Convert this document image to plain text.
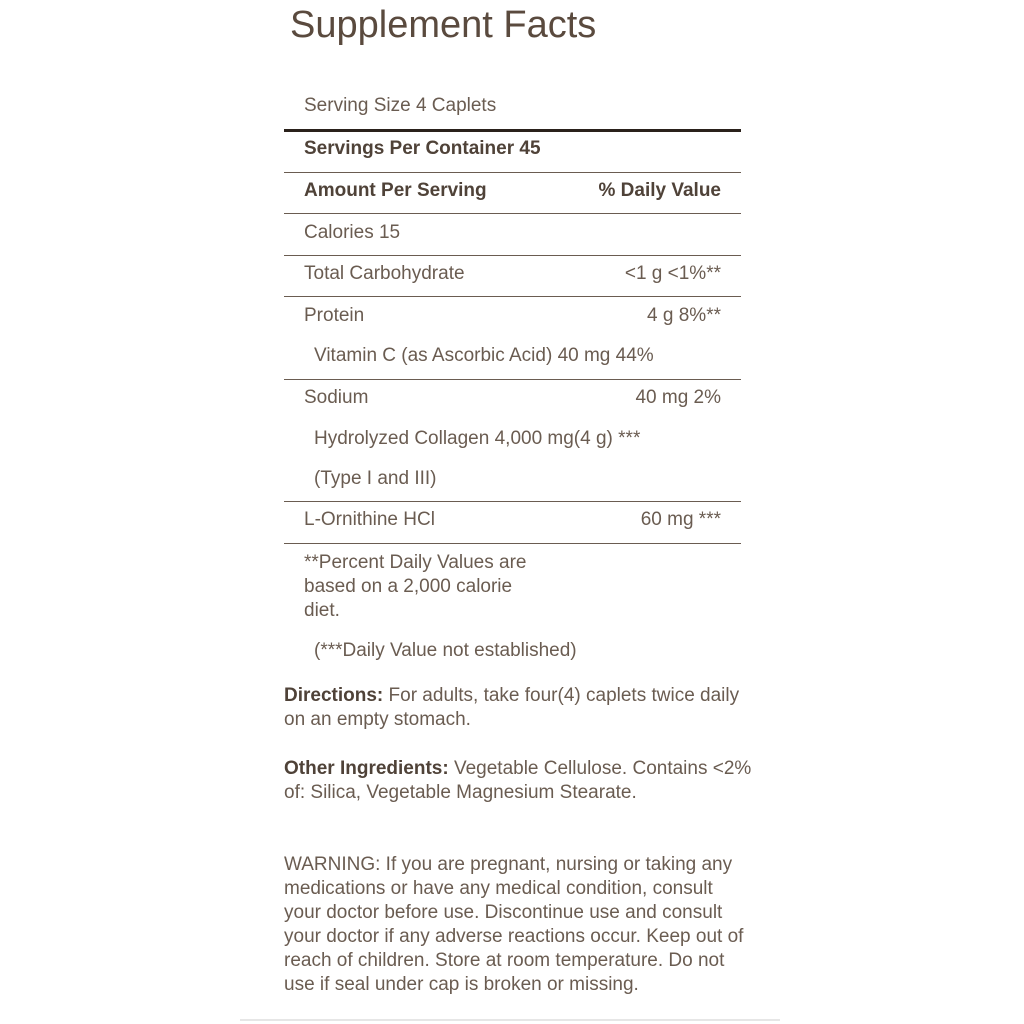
Supplement Facts
Serving Size 4 Caplets
Servings Per Container 45
Amount Per Serving	% Daily Value
Calories 15
Total Carbohydrate	<1 g <1%**
Protein	4 g 8%**
Vitamin C (as Ascorbic Acid) 40 mg 44%
Sodium	40 mg 2%
Hydrolyzed Collagen 4,000 mg(4 g) ***
(Type I and III)
L-Ornithine HCl	60 mg ***
**Percent Daily Values are
based on a 2,000 calorie
diet.
(***Daily Value not established)
Directions: For adults, take four(4) caplets twice daily on an empty stomach.
Other Ingredients: Vegetable Cellulose. Contains <2% of: Silica, Vegetable Magnesium Stearate.
WARNING: If you are pregnant, nursing or taking any medications or have any medical condition, consult your doctor before use. Discontinue use and consult your doctor if any adverse reactions occur. Keep out of reach of children. Store at room temperature. Do not use if seal under cap is broken or missing.
